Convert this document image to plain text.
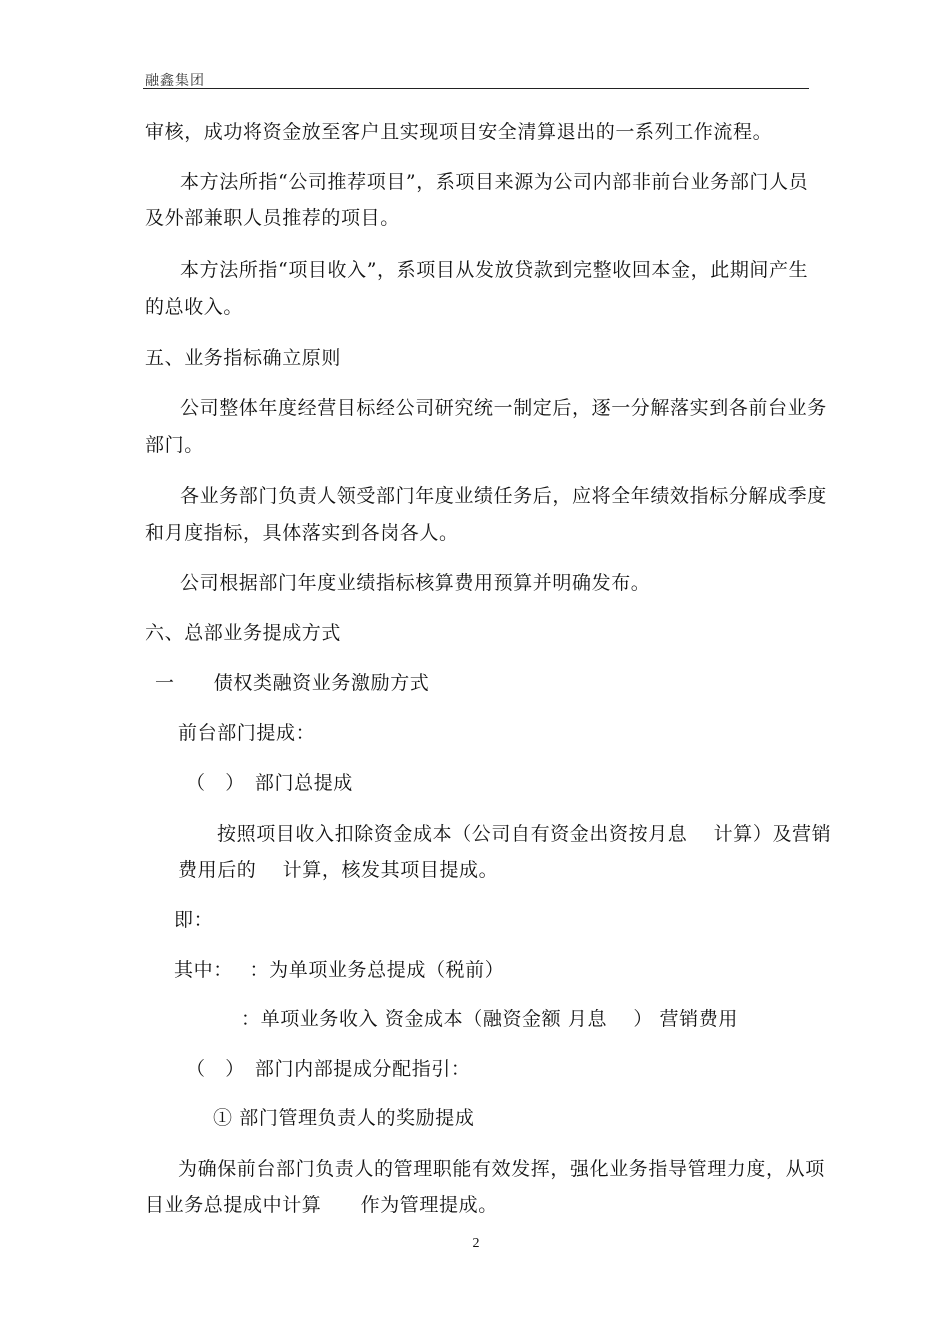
融鑫集团
审核，成功将资金放至客户且实现项目安全清算退出的一系列工作流程。
本方法所指“公司推荐项目”，系项目来源为公司内部非前台业务部门人员
及外部兼职人员推荐的项目。
本方法所指“项目收入”，系项目从发放贷款到完整收回本金，此期间产生
的总收入。
五、业务指标确立原则
公司整体年度经营目标经公司研究统一制定后，逐一分解落实到各前台业务
部门。
各业务部门负责人领受部门年度业绩任务后，应将全年绩效指标分解成季度
和月度指标，具体落实到各岗各人。
公司根据部门年度业绩指标核算费用预算并明确发布。
六、总部业务提成方式
一　　债权类融资业务激励方式
前台部门提成：
（　）　部门总提成
按照项目收入扣除资金成本（公司自有资金出资按月息　 计算）及营销
费用后的　 计算，核发其项目提成。
即：
其中：　 ：为单项业务总提成（税前）
：单项业务收入 资金成本（融资金额 月息　 ） 营销费用
（　）　部门内部提成分配指引：
① 部门管理负责人的奖励提成
为确保前台部门负责人的管理职能有效发挥，强化业务指导管理力度，从项
目业务总提成中计算　　作为管理提成。
2
